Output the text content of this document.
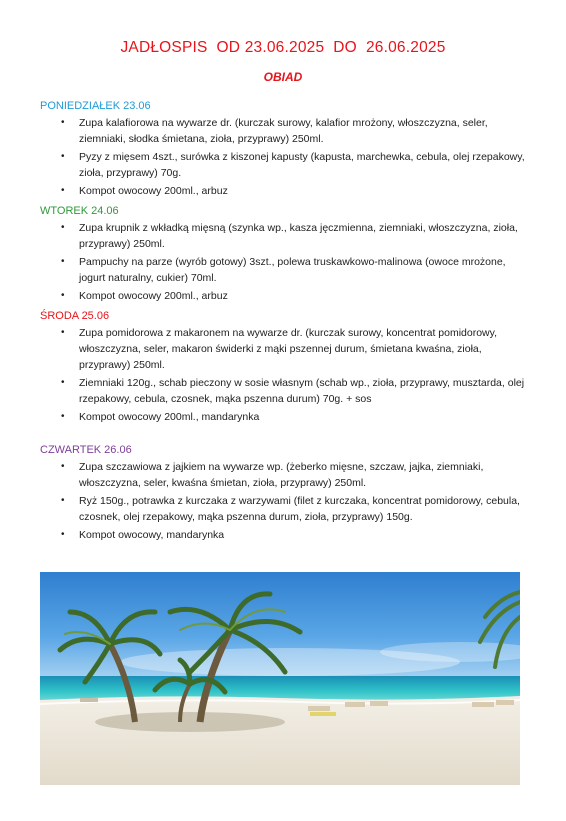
JADŁOSPIS  OD 23.06.2025  DO  26.06.2025
OBIAD

PONIEDZIAŁEK 23.06

• Zupa kalafiorowa na wywarze dr. (kurczak surowy, kalafior mrożony, włoszczyzna, seler, ziemniaki, słodka śmietana, zioła, przyprawy) 250ml.
• Pyzy z mięsem 4szt., surówka z kiszonej kapusty (kapusta, marchewka, cebula, olej rzepakowy, zioła, przyprawy) 70g.
• Kompot owocowy 200ml., arbuz

WTOREK 24.06

• Zupa krupnik z wkładką mięsną (szynka wp., kasza jęczmienna, ziemniaki, włoszczyzna, zioła, przyprawy) 250ml.
• Pampuchy na parze (wyrób gotowy) 3szt., polewa truskawkowo-malinowa (owoce mrożone, jogurt naturalny, cukier) 70ml.
• Kompot owocowy 200ml., arbuz

ŚRODA 25.06

• Zupa pomidorowa z makaronem na wywarze dr. (kurczak surowy, koncentrat pomidorowy, włoszczyzna, seler, makaron świderki z mąki pszennej durum, śmietana kwaśna, zioła, przyprawy) 250ml.
• Ziemniaki 120g., schab pieczony w sosie własnym (schab wp., zioła, przyprawy, musztarda, olej rzepakowy, cebula, czosnek, mąka pszenna durum) 70g. + sos
• Kompot owocowy 200ml., mandarynka

CZWARTEK 26.06

• Zupa szczawiowa z jajkiem na wywarze wp. (żeberko mięsne, szczaw, jajka, ziemniaki, włoszczyzna, seler, kwaśna śmietan, zioła, przyprawy) 250ml.
• Ryż 150g., potrawka z kurczaka z warzywami (filet z kurczaka, koncentrat pomidorowy, cebula, czosnek, olej rzepakowy, mąka pszenna durum, zioła, przyprawy) 150g.
• Kompot owocowy, mandarynka
